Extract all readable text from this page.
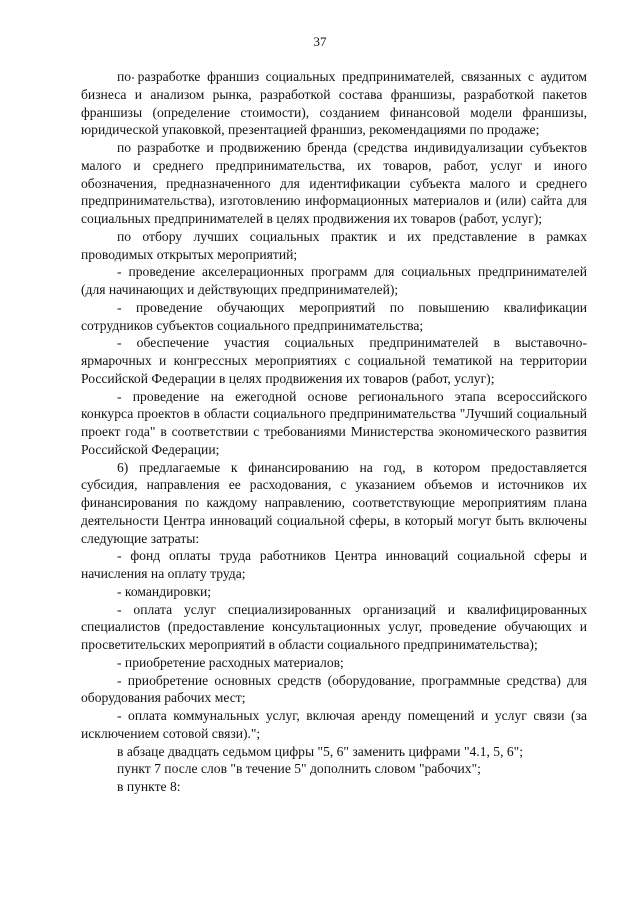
37

по разработке франшиз социальных предпринимателей, связанных с аудитом бизнеса и анализом рынка, разработкой состава франшизы, разработкой пакетов франшизы (определение стоимости), созданием финансовой модели франшизы, юридической упаковкой, презентацией франшиз, рекомендациями по продаже;

по разработке и продвижению бренда (средства индивидуализации субъектов малого и среднего предпринимательства, их товаров, работ, услуг и иного обозначения, предназначенного для идентификации субъекта малого и среднего предпринимательства), изготовлению информационных материалов и (или) сайта для социальных предпринимателей в целях продвижения их товаров (работ, услуг);

по отбору лучших социальных практик и их представление в рамках проводимых открытых мероприятий;

- проведение акселерационных программ для социальных предпринимателей (для начинающих и действующих предпринимателей);

- проведение обучающих мероприятий по повышению квалификации сотрудников субъектов социального предпринимательства;

- обеспечение участия социальных предпринимателей в выставочно-ярмарочных и конгрессных мероприятиях с социальной тематикой на территории Российской Федерации в целях продвижения их товаров (работ, услуг);

- проведение на ежегодной основе регионального этапа всероссийского конкурса проектов в области социального предпринимательства "Лучший социальный проект года" в соответствии с требованиями Министерства экономического развития Российской Федерации;

6) предлагаемые к финансированию на год, в котором предоставляется субсидия, направления ее расходования, с указанием объемов и источников их финансирования по каждому направлению, соответствующие мероприятиям плана деятельности Центра инноваций социальной сферы, в который могут быть включены следующие затраты:

- фонд оплаты труда работников Центра инноваций социальной сферы и начисления на оплату труда;

- командировки;

- оплата услуг специализированных организаций и квалифицированных специалистов (предоставление консультационных услуг, проведение обучающих и просветительских мероприятий в области социального предпринимательства);

- приобретение расходных материалов;

- приобретение основных средств (оборудование, программные средства) для оборудования рабочих мест;

- оплата коммунальных услуг, включая аренду помещений и услуг связи (за исключением сотовой связи).";

в абзаце двадцать седьмом цифры "5, 6" заменить цифрами "4.1, 5, 6";

пункт 7 после слов "в течение 5" дополнить словом "рабочих";

в пункте 8:
